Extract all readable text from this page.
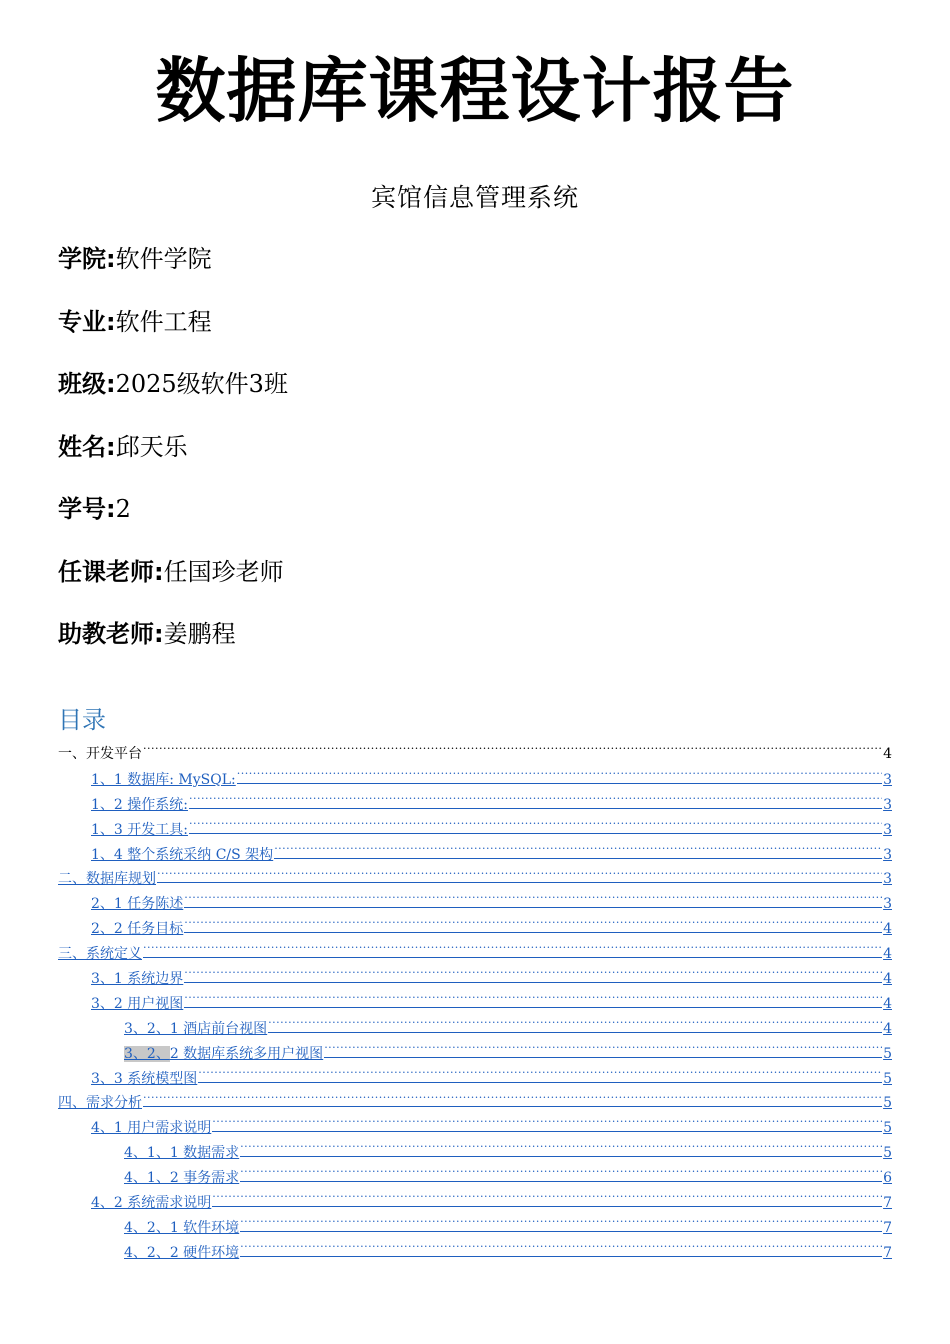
数据库课程设计报告
宾馆信息管理系统
学院:软件学院
专业:软件工程
班级:2025级软件3班
姓名:邱天乐
学号:2
任课老师:任国珍老师
助教老师:姜鹏程
目录
一、开发平台 .....	4
1、1 数据库: MySQL: .....	3
1、2 操作系统: .....	3
1、3 开发工具: .....	3
1、4 整个系统采纳 C/S 架构 .....	3
二、数据库规划 .....	3
2、1 任务陈述 .....	3
2、2 任务目标 .....	4
三、系统定义 .....	4
3、1 系统边界 .....	4
3、2 用户视图 .....	4
3、2、1 酒店前台视图 .....	4
3、2、2 数据库系统多用户视图 .....	5
3、3 系统模型图 .....	5
四、需求分析 .....	5
4、1 用户需求说明 .....	5
4、1、1 数据需求 .....	5
4、1、2 事务需求 .....	6
4、2 系统需求说明 .....	7
4、2、1 软件环境 .....	7
4、2、2 硬件环境 .....	7
